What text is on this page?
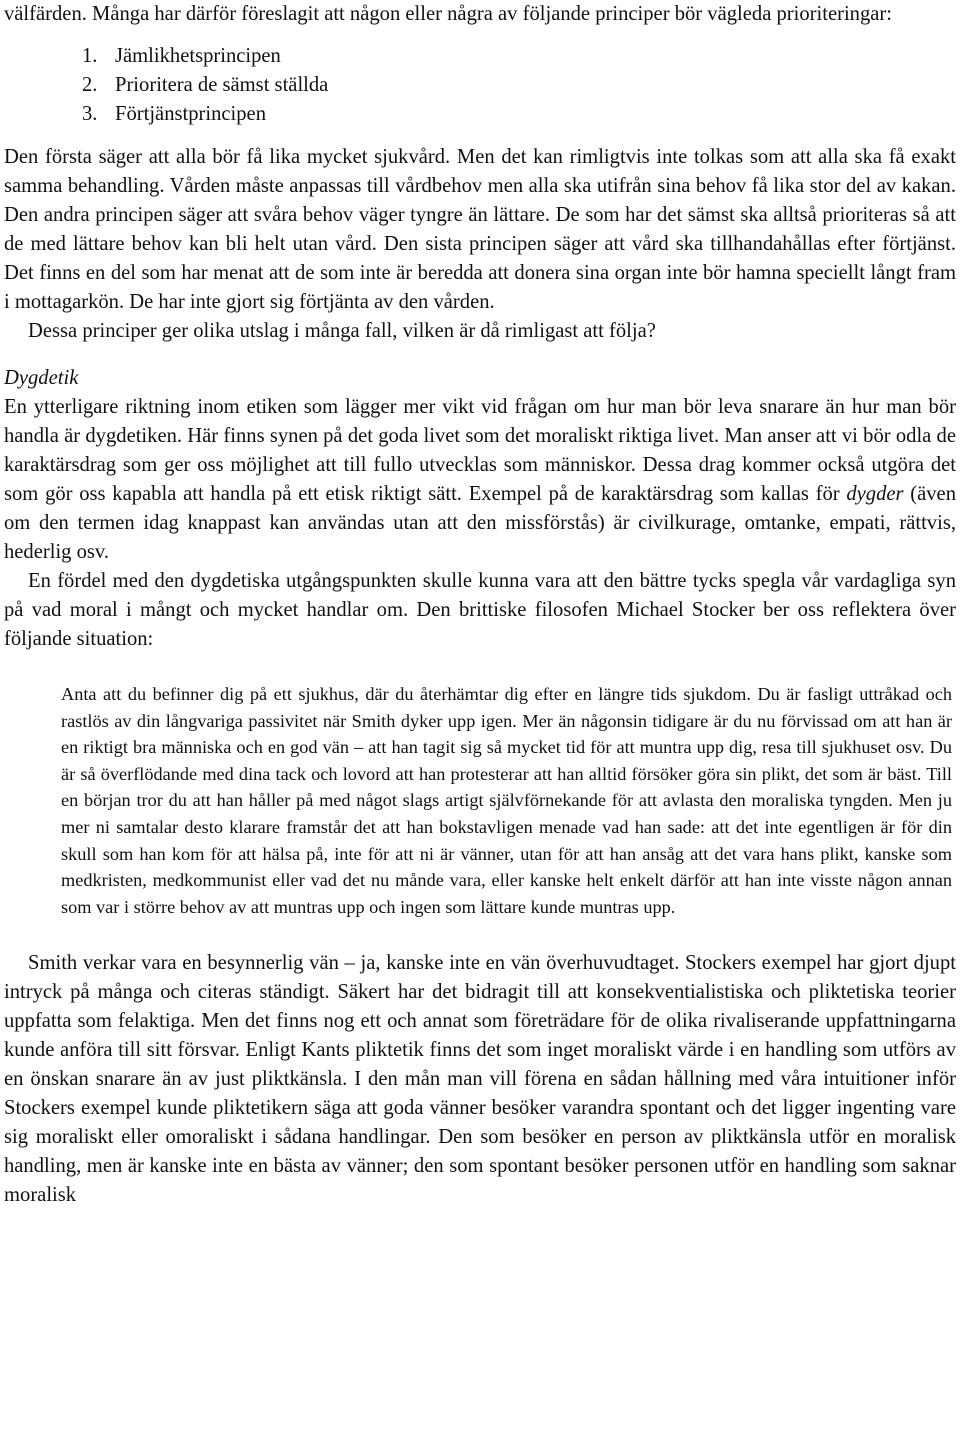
välfärden. Många har därför föreslagit att någon eller några av följande principer bör vägleda prioriteringar:

1. Jämlikhetsprincipen
2. Prioritera de sämst ställda
3. Förtjänstprincipen

Den första säger att alla bör få lika mycket sjukvård. Men det kan rimligtvis inte tolkas som att alla ska få exakt samma behandling. Vården måste anpassas till vårdbehov men alla ska utifrån sina behov få lika stor del av kakan. Den andra principen säger att svåra behov väger tyngre än lättare. De som har det sämst ska alltså prioriteras så att de med lättare behov kan bli helt utan vård. Den sista principen säger att vård ska tillhandahållas efter förtjänst. Det finns en del som har menat att de som inte är beredda att donera sina organ inte bör hamna speciellt långt fram i mottagarkön. De har inte gjort sig förtjänta av den vården.

Dessa principer ger olika utslag i många fall, vilken är då rimligast att följa?

Dygdetik

En ytterligare riktning inom etiken som lägger mer vikt vid frågan om hur man bör leva snarare än hur man bör handla är dygdetiken. Här finns synen på det goda livet som det moraliskt riktiga livet. Man anser att vi bör odla de karaktärsdrag som ger oss möjlighet att till fullo utvecklas som människor. Dessa drag kommer också utgöra det som gör oss kapabla att handla på ett etisk riktigt sätt. Exempel på de karaktärsdrag som kallas för dygder (även om den termen idag knappast kan användas utan att den missförstås) är civilkurage, omtanke, empati, rättvis, hederlig osv.

En fördel med den dygdetiska utgångspunkten skulle kunna vara att den bättre tycks spegla vår vardagliga syn på vad moral i mångt och mycket handlar om. Den brittiske filosofen Michael Stocker ber oss reflektera över följande situation:

Anta att du befinner dig på ett sjukhus, där du återhämtar dig efter en längre tids sjukdom. Du är fasligt uttråkad och rastlös av din långvariga passivitet när Smith dyker upp igen. Mer än någonsin tidigare är du nu förvissad om att han är en riktigt bra människa och en god vän – att han tagit sig så mycket tid för att muntra upp dig, resa till sjukhuset osv. Du är så överflödande med dina tack och lovord att han protesterar att han alltid försöker göra sin plikt, det som är bäst. Till en början tror du att han håller på med något slags artigt självförnekande för att avlasta den moraliska tyngden. Men ju mer ni samtalar desto klarare framstår det att han bokstavligen menade vad han sade: att det inte egentligen är för din skull som han kom för att hälsa på, inte för att ni är vänner, utan för att han ansåg att det vara hans plikt, kanske som medkristen, medkommunist eller vad det nu månde vara, eller kanske helt enkelt därför att han inte visste någon annan som var i större behov av att muntras upp och ingen som lättare kunde muntras upp.

Smith verkar vara en besynnerlig vän – ja, kanske inte en vän överhuvudtaget. Stockers exempel har gjort djupt intryck på många och citeras ständigt. Säkert har det bidragit till att konsekventialistiska och pliktetiska teorier uppfatta som felaktiga. Men det finns nog ett och annat som företrädare för de olika rivaliserande uppfattningarna kunde anföra till sitt försvar. Enligt Kants pliktetik finns det som inget moraliskt värde i en handling som utförs av en önskan snarare än av just pliktkänsla. I den mån man vill förena en sådan hållning med våra intuitioner inför Stockers exempel kunde pliktetikern säga att goda vänner besöker varandra spontant och det ligger ingenting vare sig moraliskt eller omoraliskt i sådana handlingar. Den som besöker en person av pliktkänsla utför en moralisk handling, men är kanske inte en bästa av vänner; den som spontant besöker personen utför en handling som saknar moralisk
